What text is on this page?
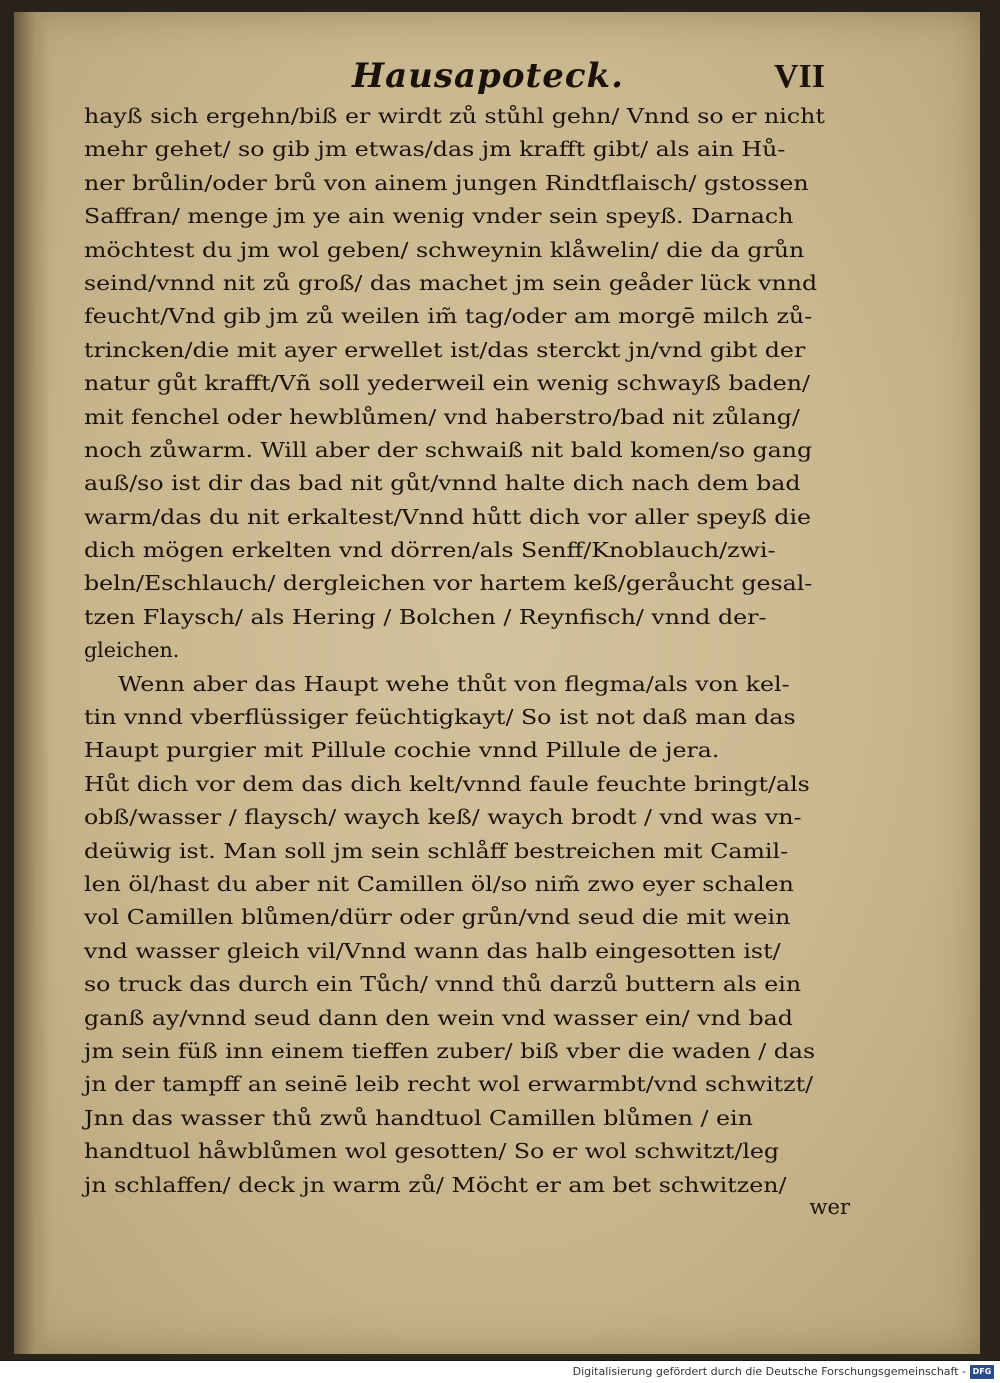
Hausapoteck.	VII
hayß sich ergehn/biß er wirdt zů stůhl gehn/ Vnnd so er nicht
mehr gehet/ so gib jm etwas/das jm krafft gibt/ als ain Hů-
ner brůlin/oder brů von ainem jungen Rindtflaisch/ gstossen
Saffran/ menge jm ye ain wenig vnder sein speyß. Darnach
möchtest du jm wol geben/ schweynin klåwelin/ die da grůn
seind/vnnd nit zů groß/ das machet jm sein geåder lück vnnd
feucht/Vnd gib jm zů weilen im̃ tag/oder am morgē milch zů-
trincken/die mit ayer erwellet ist/das sterckt jn/vnd gibt der
natur gůt krafft/Vñ soll yederweil ein wenig schwayß baden/
mit fenchel oder hewblůmen/ vnd haberstro/bad nit zůlang/
noch zůwarm. Will aber der schwaiß nit bald komen/so gang
auß/so ist dir das bad nit gůt/vnnd halte dich nach dem bad
warm/das du nit erkaltest/Vnnd hůtt dich vor aller speyß die
dich mögen erkelten vnd dörren/als Senff/Knoblauch/zwi-
beln/Eschlauch/ dergleichen vor hartem keß/geråucht gesal-
tzen Flaysch/ als Hering / Bolchen / Reynfisch/ vnnd der-
gleichen.
Wenn aber das Haupt wehe thůt von flegma/als von kel-
tin vnnd vberflüssiger feüchtigkayt/ So ist not daß man das
Haupt purgier mit Pillule cochie vnnd Pillule de jera.
Hůt dich vor dem das dich kelt/vnnd faule feuchte bringt/als
obß/wasser / flaysch/ waych keß/ waych brodt / vnd was vn-
deüwig ist. Man soll jm sein schlåff bestreichen mit Camil-
len öl/hast du aber nit Camillen öl/so nim̃ zwo eyer schalen
vol Camillen blůmen/dürr oder grůn/vnd seud die mit wein
vnd wasser gleich vil/Vnnd wann das halb eingesotten ist/
so truck das durch ein Tůch/ vnnd thů darzů buttern als ein
ganß ay/vnnd seud dann den wein vnd wasser ein/ vnd bad
jm sein füß inn einem tieffen zuber/ biß vber die waden / das
jn der tampff an seinē leib recht wol erwarmbt/vnd schwitzt/
Jnn das wasser thů zwů handtuol Camillen blůmen / ein
handtuol håwblůmen wol gesotten/ So er wol schwitzt/leg
jn schlaffen/ deck jn warm zů/ Möcht er am bet schwitzen/
wer
Digitalisierung gefördert durch die Deutsche Forschungsgemeinschaft - DFG
